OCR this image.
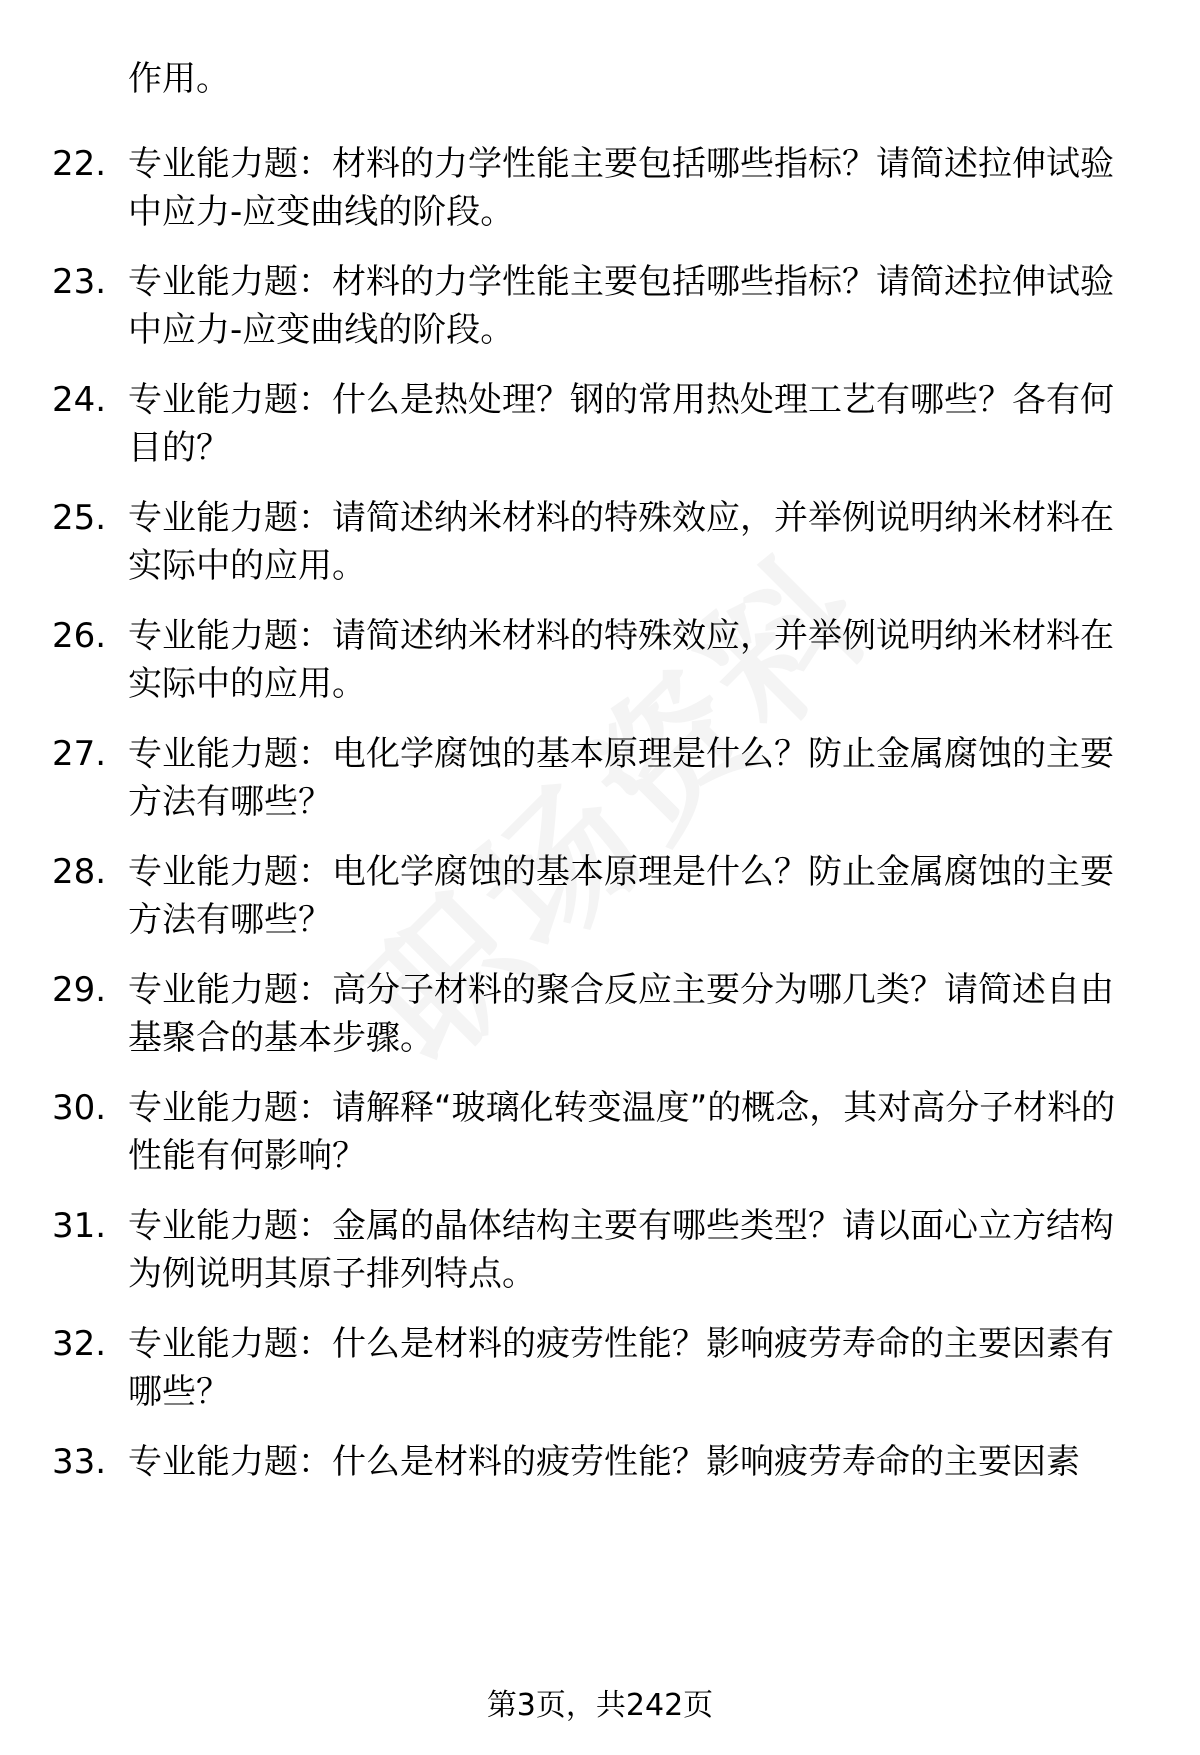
作用。

22. 专业能力题：材料的力学性能主要包括哪些指标？请简述拉伸试验中应力-应变曲线的阶段。
23. 专业能力题：材料的力学性能主要包括哪些指标？请简述拉伸试验中应力-应变曲线的阶段。
24. 专业能力题：什么是热处理？钢的常用热处理工艺有哪些？各有何目的？
25. 专业能力题：请简述纳米材料的特殊效应，并举例说明纳米材料在实际中的应用。
26. 专业能力题：请简述纳米材料的特殊效应，并举例说明纳米材料在实际中的应用。
27. 专业能力题：电化学腐蚀的基本原理是什么？防止金属腐蚀的主要方法有哪些？
28. 专业能力题：电化学腐蚀的基本原理是什么？防止金属腐蚀的主要方法有哪些？
29. 专业能力题：高分子材料的聚合反应主要分为哪几类？请简述自由基聚合的基本步骤。
30. 专业能力题：请解释“玻璃化转变温度”的概念，其对高分子材料的性能有何影响？
31. 专业能力题：金属的晶体结构主要有哪些类型？请以面心立方结构为例说明其原子排列特点。
32. 专业能力题：什么是材料的疲劳性能？影响疲劳寿命的主要因素有哪些？
33. 专业能力题：什么是材料的疲劳性能？影响疲劳寿命的主要因素
第3页，共242页
